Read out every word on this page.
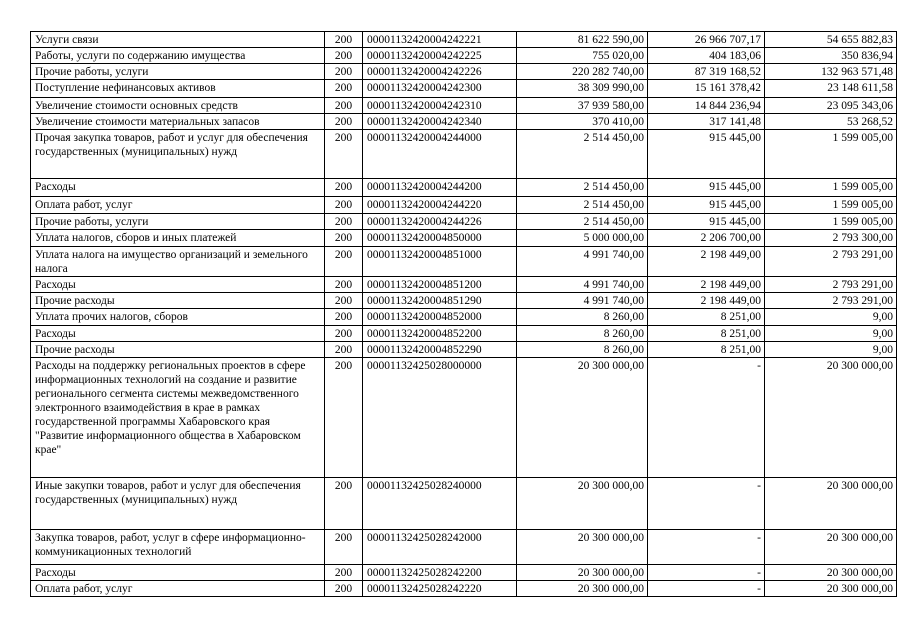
Услуги связи	200	00001132420004242221	81 622 590,00	26 966 707,17	54 655 882,83
Работы, услуги по содержанию имущества	200	00001132420004242225	755 020,00	404 183,06	350 836,94
Прочие работы, услуги	200	00001132420004242226	220 282 740,00	87 319 168,52	132 963 571,48
Поступление нефинансовых активов	200	00001132420004242300	38 309 990,00	15 161 378,42	23 148 611,58
Увеличение стоимости основных средств	200	00001132420004242310	37 939 580,00	14 844 236,94	23 095 343,06
Увеличение стоимости материальных запасов	200	00001132420004242340	370 410,00	317 141,48	53 268,52
Прочая закупка товаров, работ и услуг для обеспечения государственных (муниципальных) нужд	200	00001132420004244000	2 514 450,00	915 445,00	1 599 005,00
Расходы	200	00001132420004244200	2 514 450,00	915 445,00	1 599 005,00
Оплата работ, услуг	200	00001132420004244220	2 514 450,00	915 445,00	1 599 005,00
Прочие работы, услуги	200	00001132420004244226	2 514 450,00	915 445,00	1 599 005,00
Уплата налогов, сборов и иных платежей	200	00001132420004850000	5 000 000,00	2 206 700,00	2 793 300,00
Уплата налога на имущество организаций и земельного налога	200	00001132420004851000	4 991 740,00	2 198 449,00	2 793 291,00
Расходы	200	00001132420004851200	4 991 740,00	2 198 449,00	2 793 291,00
Прочие расходы	200	00001132420004851290	4 991 740,00	2 198 449,00	2 793 291,00
Уплата прочих налогов, сборов	200	00001132420004852000	8 260,00	8 251,00	9,00
Расходы	200	00001132420004852200	8 260,00	8 251,00	9,00
Прочие расходы	200	00001132420004852290	8 260,00	8 251,00	9,00
Расходы на поддержку региональных проектов в сфере информационных технологий на создание и развитие регионального сегмента системы межведомственного электронного взаимодействия в крае в рамках государственной программы Хабаровского края "Развитие информационного общества в Хабаровском крае"	200	00001132425028000000	20 300 000,00	-	20 300 000,00
Иные закупки товаров, работ и услуг для обеспечения государственных (муниципальных) нужд	200	00001132425028240000	20 300 000,00	-	20 300 000,00
Закупка товаров, работ, услуг в сфере информационно-коммуникационных технологий	200	00001132425028242000	20 300 000,00	-	20 300 000,00
Расходы	200	00001132425028242200	20 300 000,00	-	20 300 000,00
Оплата работ, услуг	200	00001132425028242220	20 300 000,00	-	20 300 000,00
